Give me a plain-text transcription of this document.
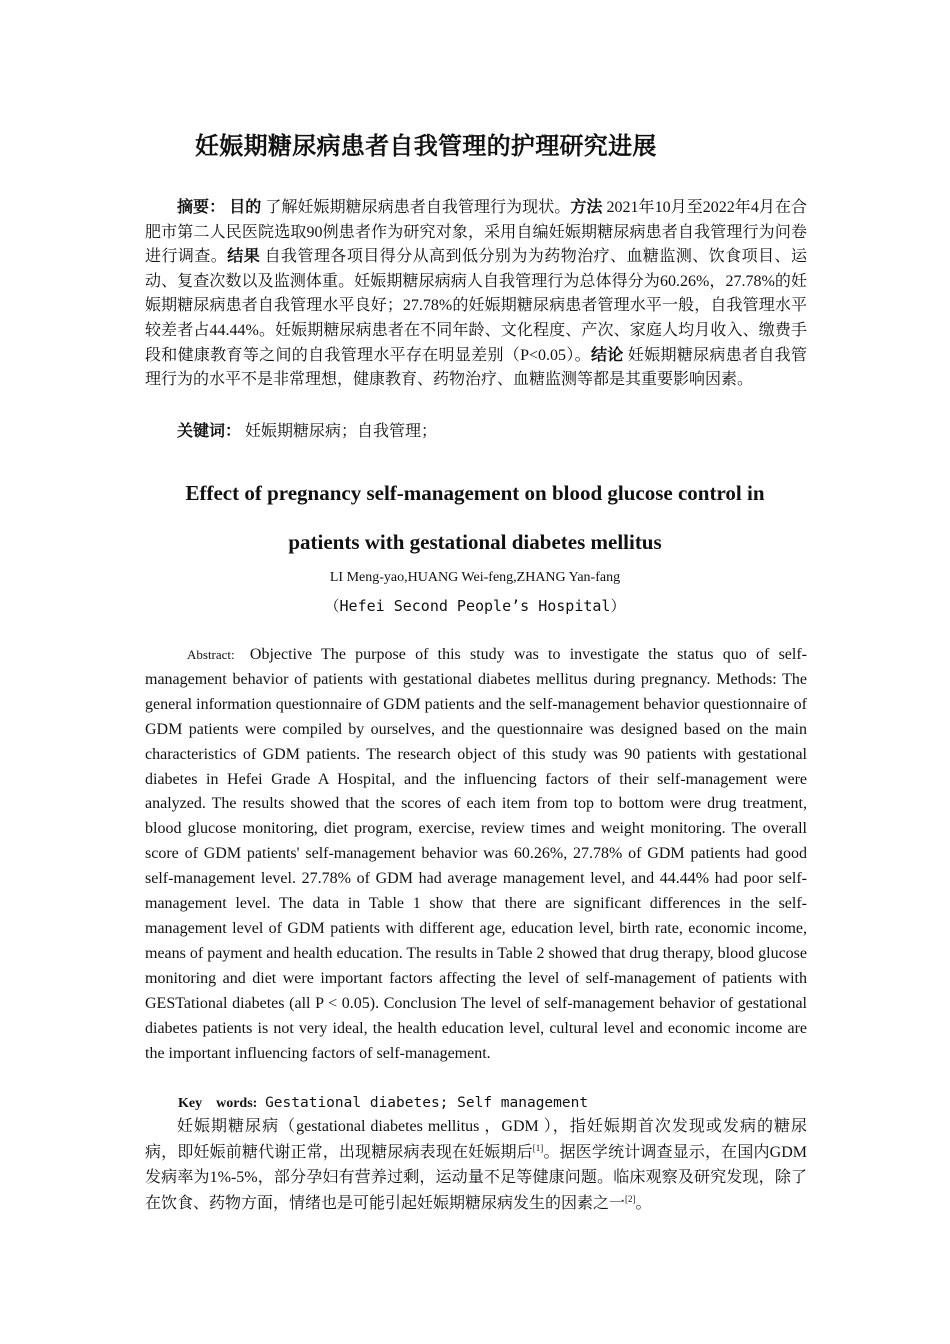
妊娠期糖尿病患者自我管理的护理研究进展
摘要： 目的 了解妊娠期糖尿病患者自我管理行为现状。方法 2021年10月至2022年4月在合肥市第二人民医院选取90例患者作为研究对象，采用自编妊娠期糖尿病患者自我管理行为问卷进行调查。结果 自我管理各项目得分从高到低分别为为药物治疗、血糖监测、饮食项目、运动、复查次数以及监测体重。妊娠期糖尿病病人自我管理行为总体得分为60.26%，27.78%的妊娠期糖尿病患者自我管理水平良好；27.78%的妊娠期糖尿病患者管理水平一般，自我管理水平较差者占44.44%。妊娠期糖尿病患者在不同年龄、文化程度、产次、家庭人均月收入、缴费手段和健康教育等之间的自我管理水平存在明显差别（P<0.05）。结论 妊娠期糖尿病患者自我管理行为的水平不是非常理想，健康教育、药物治疗、血糖监测等都是其重要影响因素。
关键词： 妊娠期糖尿病；自我管理；
Effect of pregnancy self-management on blood glucose control in
patients with gestational diabetes mellitus
LI Meng-yao,HUANG Wei-feng,ZHANG Yan-fang
（Hefei Second People’s Hospital）
Abstract: Objective The purpose of this study was to investigate the status quo of self-management behavior of patients with gestational diabetes mellitus during pregnancy. Methods: The general information questionnaire of GDM patients and the self-management behavior questionnaire of GDM patients were compiled by ourselves, and the questionnaire was designed based on the main characteristics of GDM patients. The research object of this study was 90 patients with gestational diabetes in Hefei Grade A Hospital, and the influencing factors of their self-management were analyzed. The results showed that the scores of each item from top to bottom were drug treatment, blood glucose monitoring, diet program, exercise, review times and weight monitoring. The overall score of GDM patients' self-management behavior was 60.26%, 27.78% of GDM patients had good self-management level. 27.78% of GDM had average management level, and 44.44% had poor self-management level. The data in Table 1 show that there are significant differences in the self-management level of GDM patients with different age, education level, birth rate, economic income, means of payment and health education. The results in Table 2 showed that drug therapy, blood glucose monitoring and diet were important factors affecting the level of self-management of patients with GESTational diabetes (all P < 0.05). Conclusion The level of self-management behavior of gestational diabetes patients is not very ideal, the health education level, cultural level and economic income are the important influencing factors of self-management.
Key　words: Gestational diabetes; Self management
妊娠期糖尿病（gestational diabetes mellitus ，GDM ），指妊娠期首次发现或发病的糖尿病，即妊娠前糖代谢正常，出现糖尿病表现在妊娠期后[1]。据医学统计调查显示，在国内GDM发病率为1%-5%，部分孕妇有营养过剩，运动量不足等健康问题。临床观察及研究发现，除了在饮食、药物方面，情绪也是可能引起妊娠期糖尿病发生的因素之一[2]。
